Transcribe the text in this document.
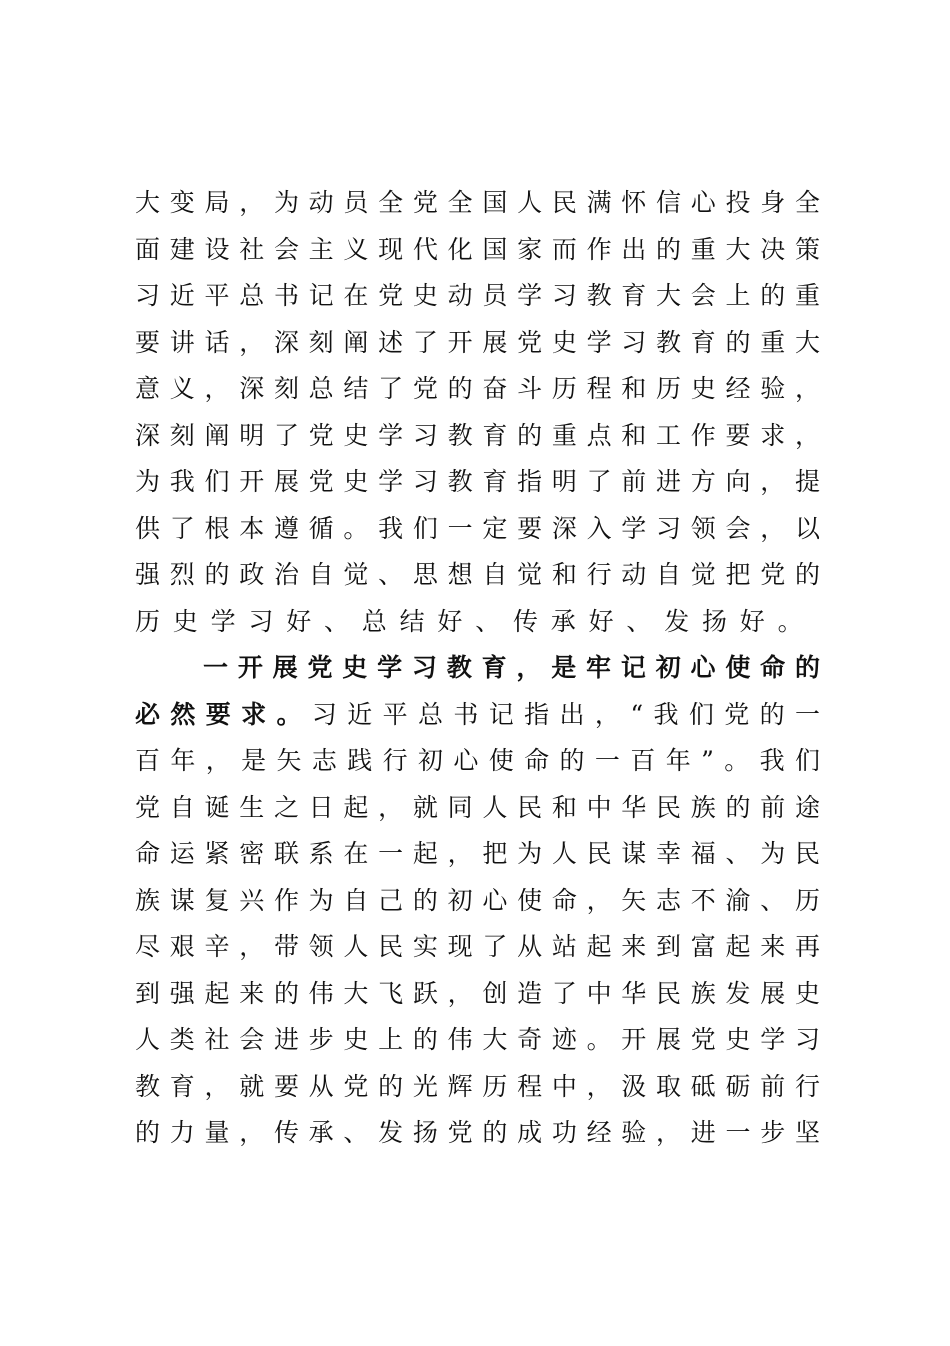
大变局，为动员全党全国人民满怀信心投身全
面建设社会主义现代化国家而作出的重大决策
习近平总书记在党史动员学习教育大会上的重
要讲话，深刻阐述了开展党史学习教育的重大
意义，深刻总结了党的奋斗历程和历史经验，
深刻阐明了党史学习教育的重点和工作要求，
为我们开展党史学习教育指明了前进方向，提
供了根本遵循。我们一定要深入学习领会，以
强烈的政治自觉、思想自觉和行动自觉把党的
历史学习好、总结好、传承好、发扬好。
一开展党史学习教育，是牢记初心使命的
必然要求。习近平总书记指出，“我们党的一
百年，是矢志践行初心使命的一百年”。我们
党自诞生之日起，就同人民和中华民族的前途
命运紧密联系在一起，把为人民谋幸福、为民
族谋复兴作为自己的初心使命，矢志不渝、历
尽艰辛，带领人民实现了从站起来到富起来再
到强起来的伟大飞跃，创造了中华民族发展史
人类社会进步史上的伟大奇迹。开展党史学习
教育，就要从党的光辉历程中，汲取砥砺前行
的力量，传承、发扬党的成功经验，进一步坚
